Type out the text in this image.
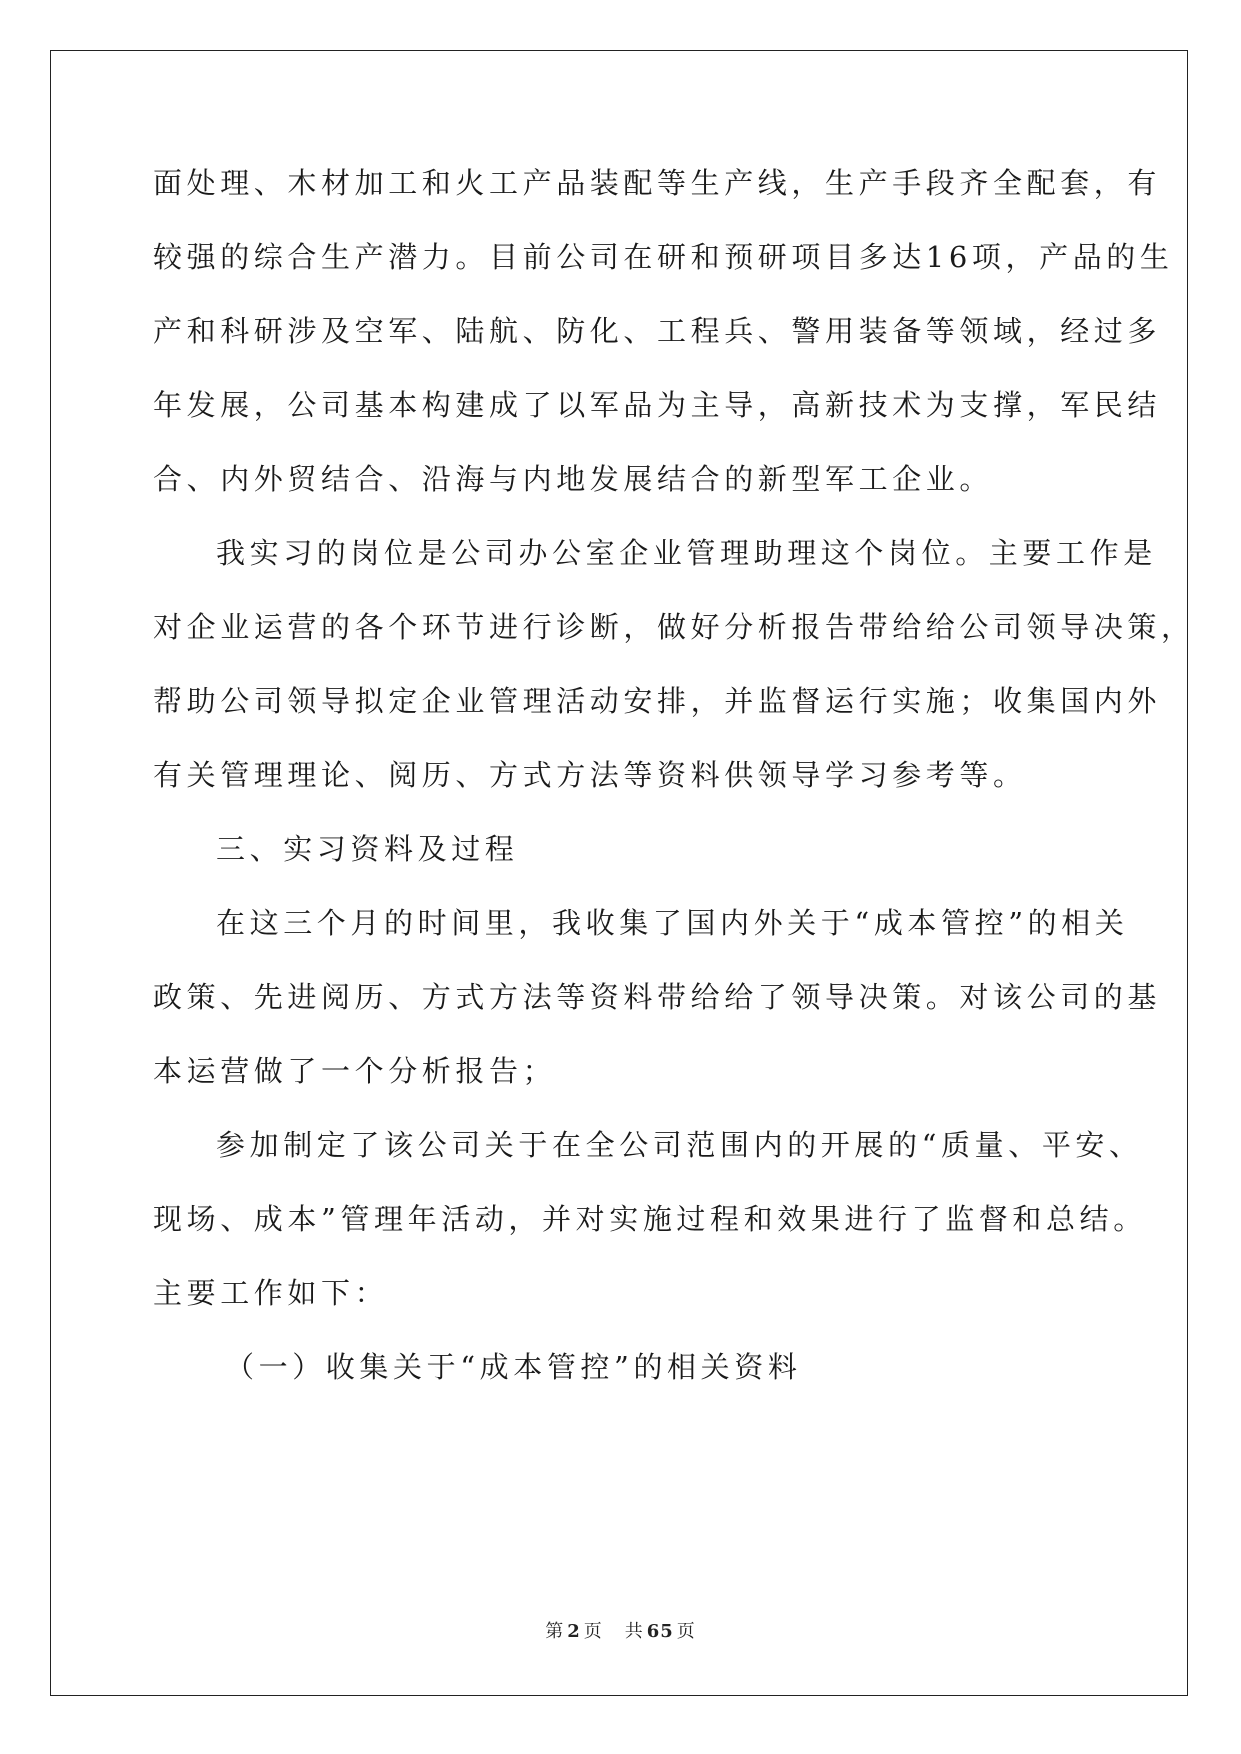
面处理、木材加工和火工产品装配等生产线，生产手段齐全配套，有
较强的综合生产潜力。目前公司在研和预研项目多达16项，产品的生
产和科研涉及空军、陆航、防化、工程兵、警用装备等领域，经过多
年发展，公司基本构建成了以军品为主导，高新技术为支撑，军民结
合、内外贸结合、沿海与内地发展结合的新型军工企业。
我实习的岗位是公司办公室企业管理助理这个岗位。主要工作是
对企业运营的各个环节进行诊断，做好分析报告带给给公司领导决策，
帮助公司领导拟定企业管理活动安排，并监督运行实施；收集国内外
有关管理理论、阅历、方式方法等资料供领导学习参考等。
三、实习资料及过程
在这三个月的时间里，我收集了国内外关于“成本管控”的相关
政策、先进阅历、方式方法等资料带给给了领导决策。对该公司的基
本运营做了一个分析报告；
参加制定了该公司关于在全公司范围内的开展的“质量、平安、
现场、成本”管理年活动，并对实施过程和效果进行了监督和总结。
主要工作如下：
（一）收集关于“成本管控”的相关资料
第 2 页 共 65 页
